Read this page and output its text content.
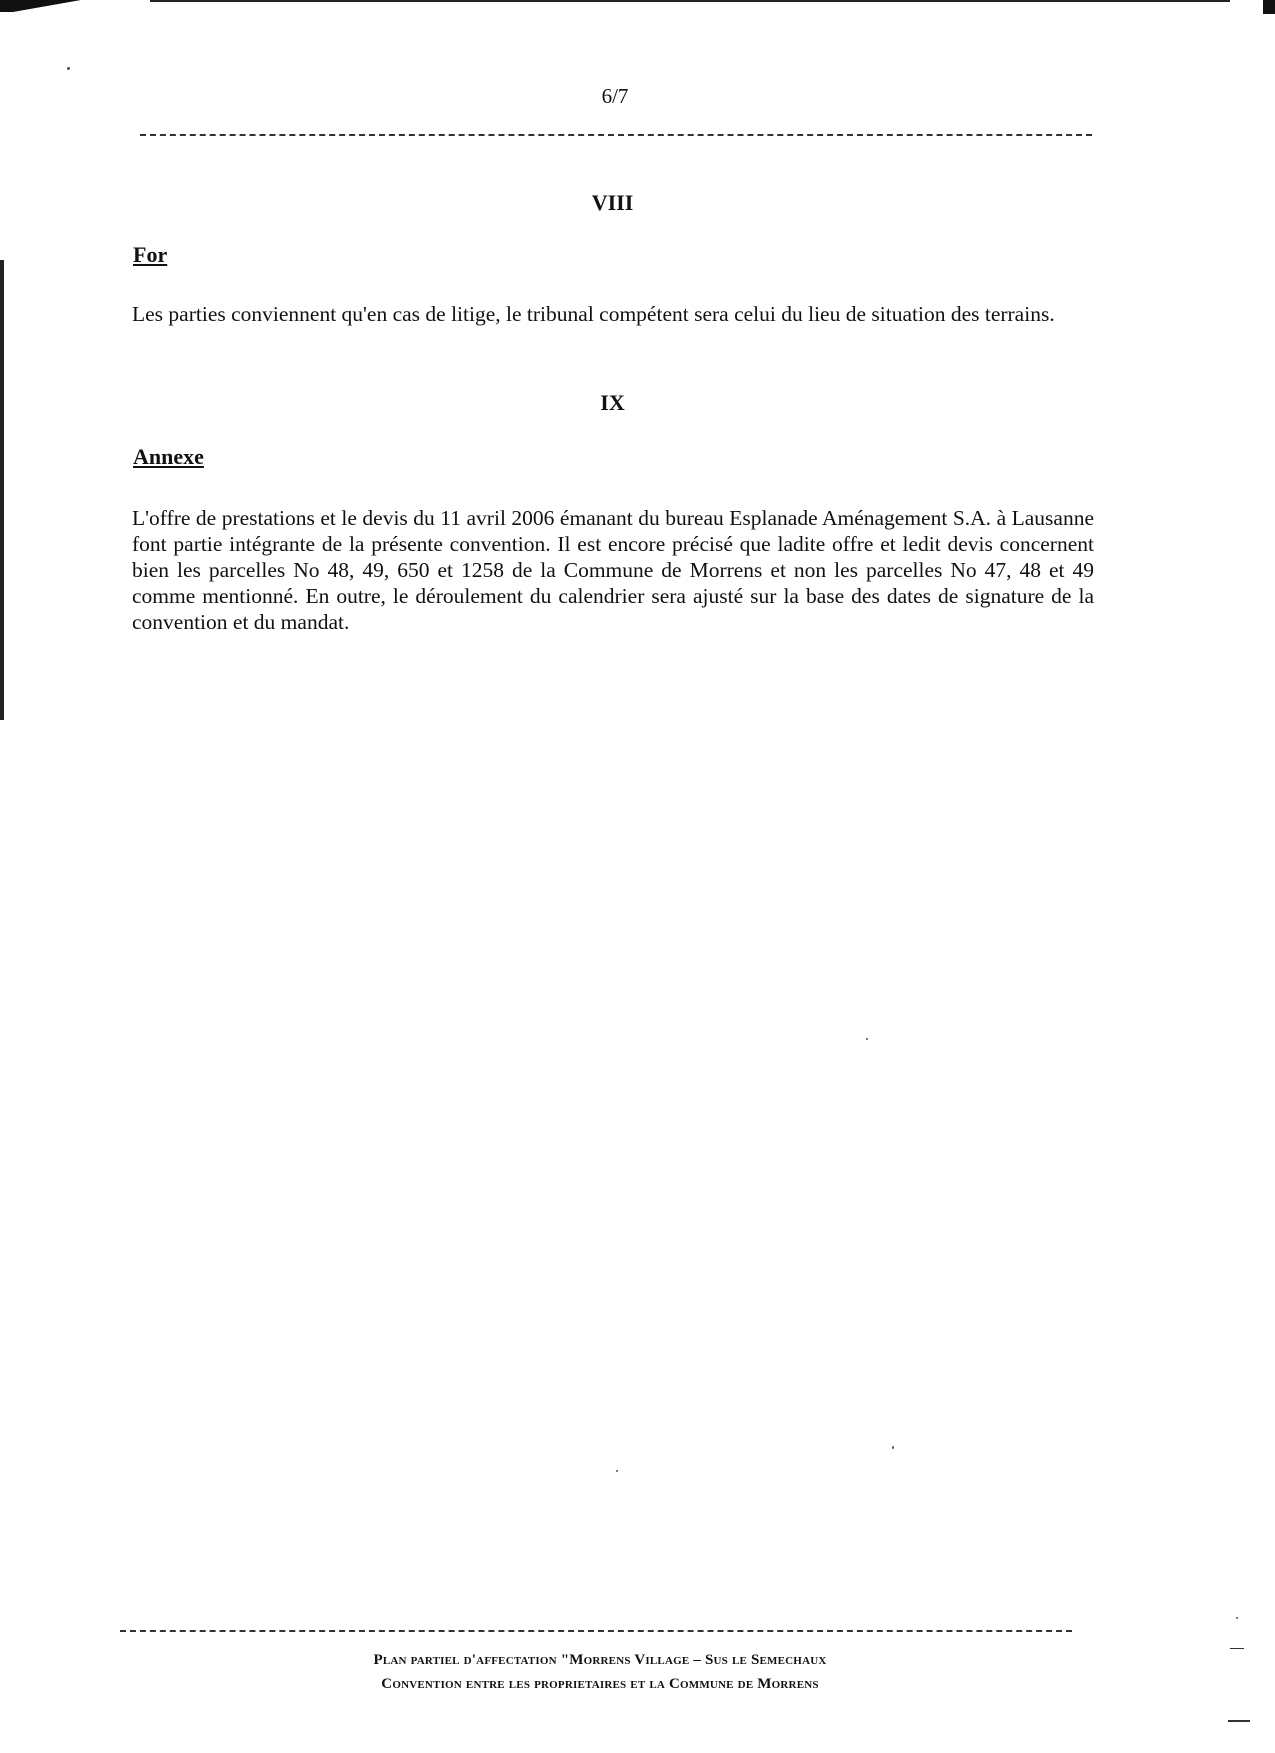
6/7
VIII
For
Les parties conviennent qu'en cas de litige, le tribunal compétent sera celui du lieu de situation des terrains.
IX
Annexe
L'offre de prestations et le devis du 11 avril 2006 émanant du bureau Esplanade Aménagement S.A. à Lausanne font partie intégrante de la présente convention. Il est encore précisé que ladite offre et ledit devis concernent bien les parcelles No 48, 49, 650 et 1258 de la Commune de Morrens et non les parcelles No 47, 48 et 49 comme mentionné. En outre, le déroulement du calendrier sera ajusté sur la base des dates de signature de la convention et du mandat.
Plan partiel d'affectation "Morrens Village – Sus le Semechaux
Convention entre les proprietaires et la Commune de Morrens
